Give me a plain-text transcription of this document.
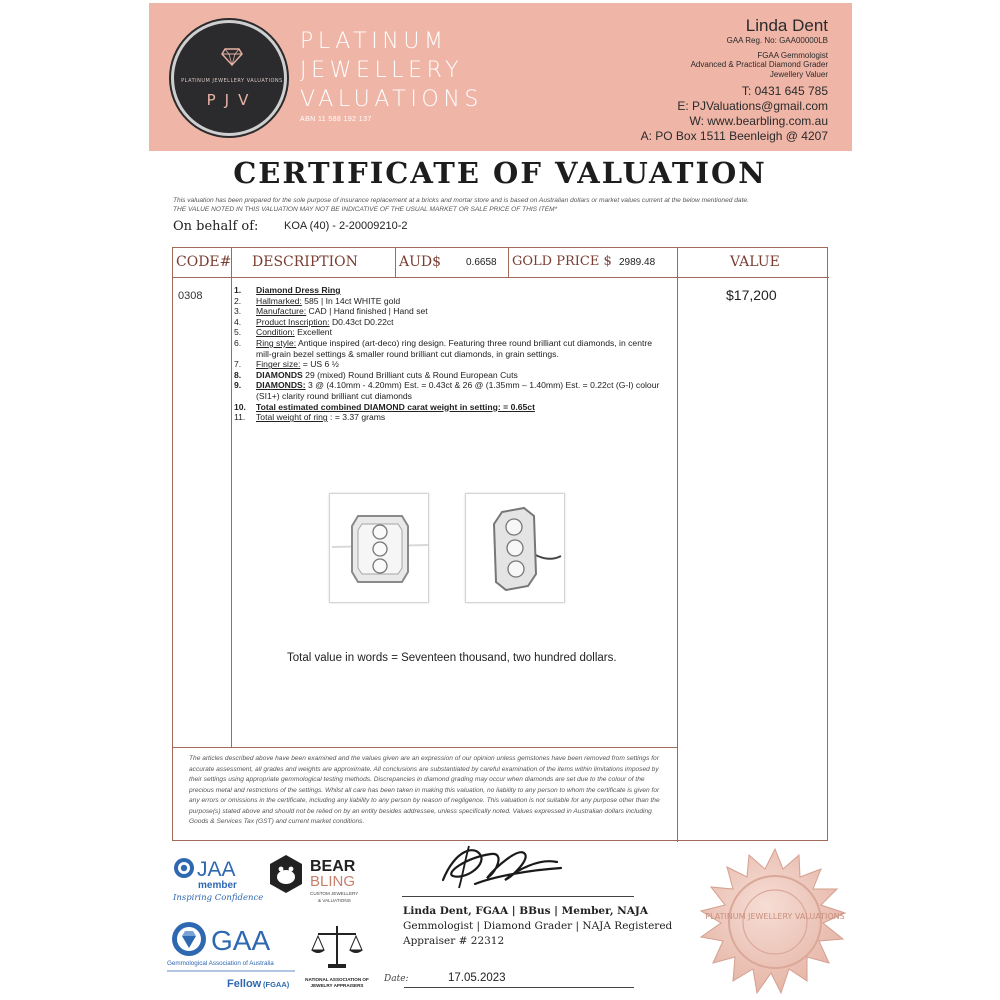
PLATINUM JEWELLERY VALUATIONS
PJV
PLATINUM
JEWELLERY
VALUATIONS
ABN 11 588 192 137
Linda Dent
GAA Reg. No: GAA00000LB
FGAA Gemmologist
Advanced & Practical Diamond Grader
Jewellery Valuer
T: 0431 645 785
E: PJValuations@gmail.com
W: www.bearbling.com.au
A: PO Box 1511 Beenleigh @ 4207
CERTIFICATE OF VALUATION
This valuation has been prepared for the sole purpose of insurance replacement at a bricks and mortar store and is based on Australian dollars or market values current at the below mentioned date.
THE VALUE NOTED IN THIS VALUATION MAY NOT BE INDICATIVE OF THE USUAL MARKET OR SALE PRICE OF THIS ITEM*
On behalf of: KOA (40) - 2-20009210-2
CODE# DESCRIPTION	AUD$ 0.6658 GOLD PRICE $ 2989.48	VALUE
0308	$17,200
1.	Diamond Dress Ring
2.	Hallmarked: 585 | In 14ct WHITE gold
3.	Manufacture: CAD | Hand finished | Hand set
4.	Product Inscription: D0.43ct D0.22ct
5.	Condition: Excellent
6.	Ring style: Antique inspired (art-deco) ring design. Featuring three round brilliant cut diamonds, in centre mill-grain bezel settings & smaller round brilliant cut diamonds, in grain settings.
7.	Finger size: = US 6 ½
8.	DIAMONDS 29 (mixed) Round Brilliant cuts & Round European Cuts
9.	DIAMONDS: 3 @ (4.10mm - 4.20mm) Est. = 0.43ct & 26 @ (1.35mm – 1.40mm) Est. = 0.22ct (G-I) colour (SI1+) clarity round brilliant cut diamonds
10.	Total estimated combined DIAMOND carat weight in setting: = 0.65ct
11.	Total weight of ring : = 3.37 grams
Total value in words = Seventeen thousand, two hundred dollars.
The articles described above have been examined and the values given are an expression of our opinion unless gemstones have been removed from settings for accurate assessment, all grades and weights are approximate. All conclusions are substantiated by careful examination of the items within limitations imposed by their settings using appropriate gemmological testing methods. Discrepancies in diamond grading may occur when diamonds are set due to the colour of the precious metal and restrictions of the settings. Whilst all care has been taken in making this valuation, no liability to any person to whom the certificate is given for any errors or omissions in the certificate, including any liability to any person by reason of negligence. This valuation is not suitable for any purpose other than the purpose(s) stated above and should not be relied on by an entity besides addressee, unless specifically noted. Values expressed in Australian dollars including Goods & Services Tax (GST) and current market conditions.
JAA
member
Inspiring Confidence
BEAR
BLING
CUSTOM JEWELLERY
& VALUATIONS
GAA
Gemmological Association of Australia
Fellow (FGAA)
NATIONAL ASSOCIATION OF
JEWELRY APPRAISERS
Linda Dent, FGAA | BBus | Member, NAJA
Gemmologist | Diamond Grader | NAJA Registered
Appraiser # 22312
Date:	17.05.2023
PLATINUM JEWELLERY VALUATIONS
